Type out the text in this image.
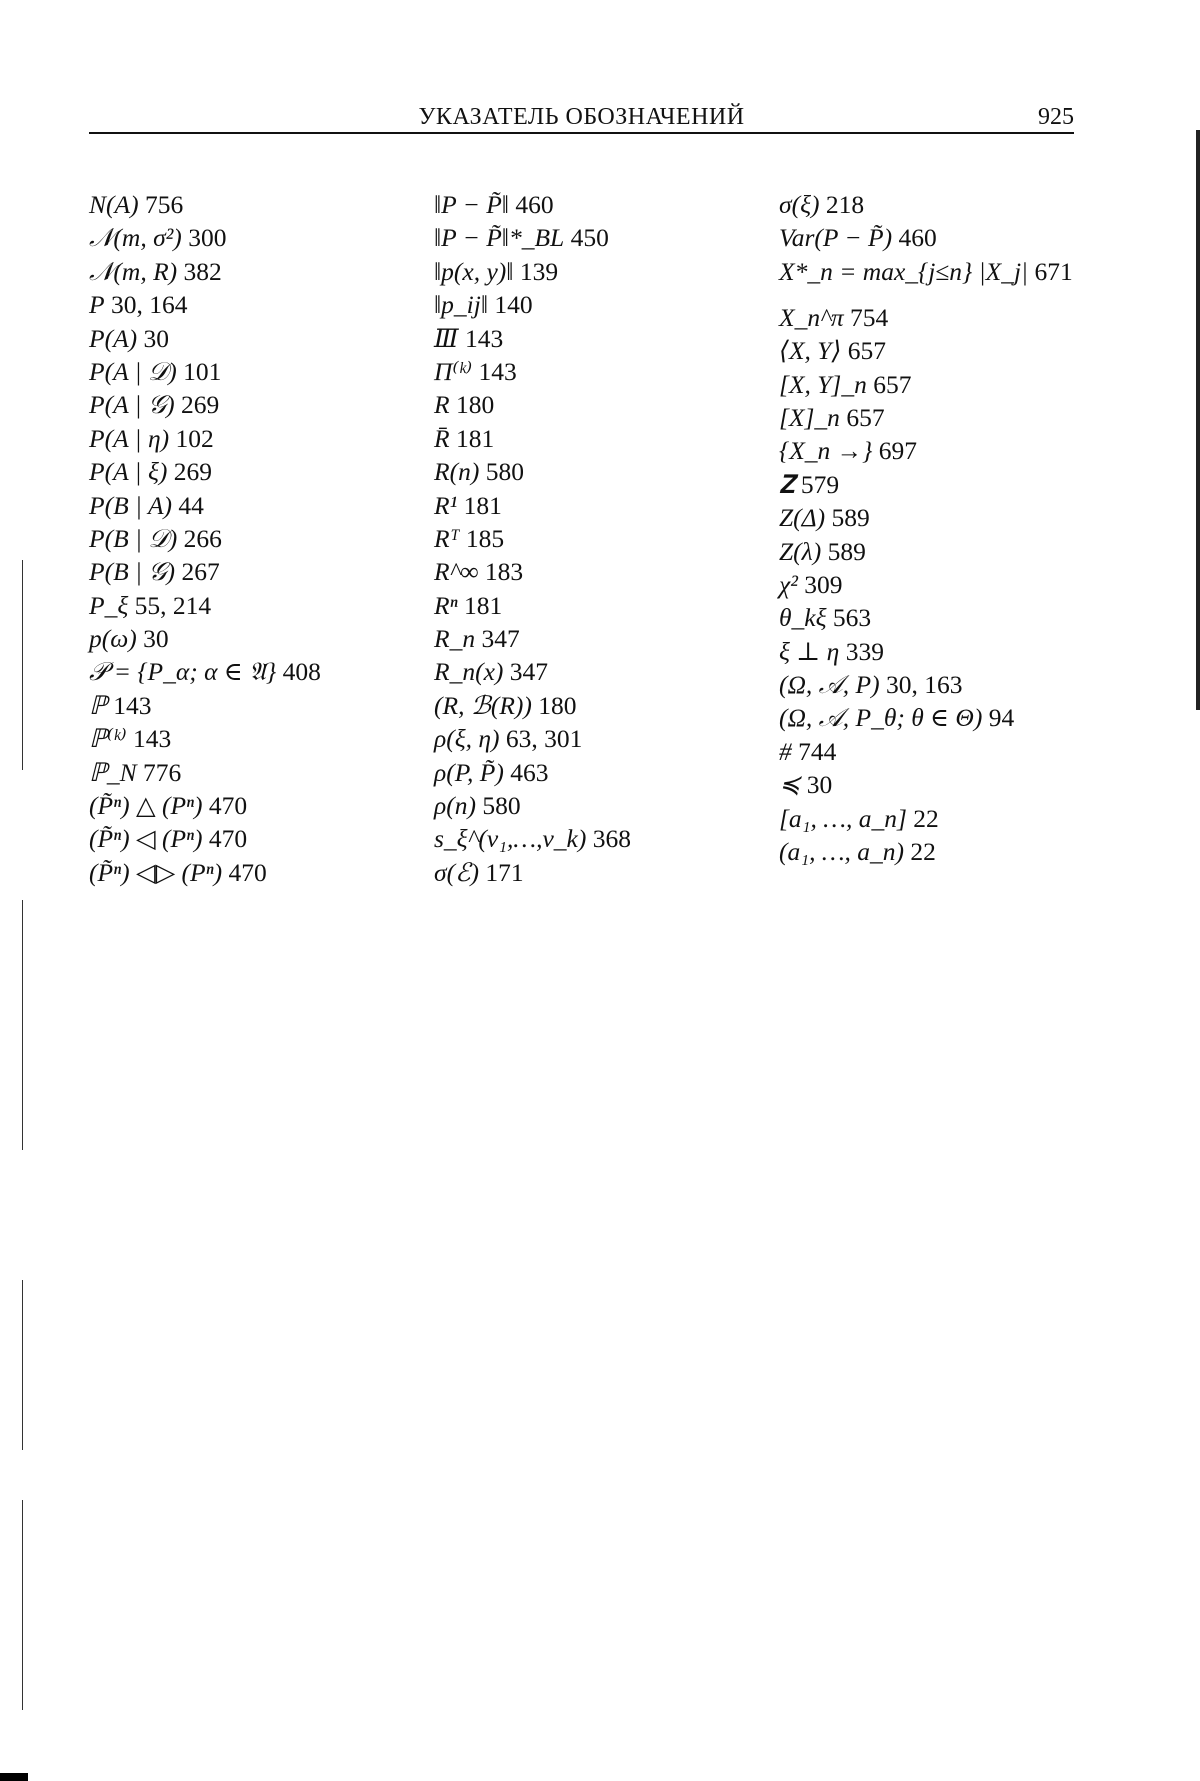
УКАЗАТЕЛЬ ОБОЗНАЧЕНИЙ	925
N(A) 756
𝒩(m, σ²) 300
𝒩(m, R) 382
P 30, 164
P(A) 30
P(A | 𝒟) 101
P(A | 𝒢) 269
P(A | η) 102
P(A | ξ) 269
P(B | A) 44
P(B | 𝒟) 266
P(B | 𝒢) 267
P_ξ 55, 214
p(ω) 30
𝒫 = {P_α; α ∈ 𝔄} 408
ℙ 143
ℙ⁽ᵏ⁾ 143
ℙ_N 776
(P̃ⁿ) △ (Pⁿ) 470
(P̃ⁿ) ◁ (Pⁿ) 470
(P̃ⁿ) ◁▷ (Pⁿ) 470
‖P − P̃‖ 460
‖P − P̃‖*_BL 450
‖p(x, y)‖ 139
‖p_ij‖ 140
Ⅲ 143
Π⁽ᵏ⁾ 143
R 180
R̄ 181
R(n) 580
R¹ 181
Rᵀ 185
R^∞ 183
Rⁿ 181
R_n 347
R_n(x) 347
(R, ℬ(R)) 180
ρ(ξ, η) 63, 301
ρ(P, P̃) 463
ρ(n) 580
s_ξ^(ν₁,…,ν_k) 368
σ(ℰ) 171
σ(ξ) 218
Var(P − P̃) 460
X*_n = max_{j≤n} |X_j| 671
X_n^π 754
⟨X, Y⟩ 657
[X, Y]_n 657
[X]_n 657
{X_n →} 697
𝐙 579
Z(Δ) 589
Z(λ) 589
χ² 309
θ_kξ 563
ξ ⊥ η 339
(Ω, 𝒜, P) 30, 163
(Ω, 𝒜, P_θ; θ ∈ Θ) 94
# 744
≼ 30
[a₁, …, a_n] 22
(a₁, …, a_n) 22
